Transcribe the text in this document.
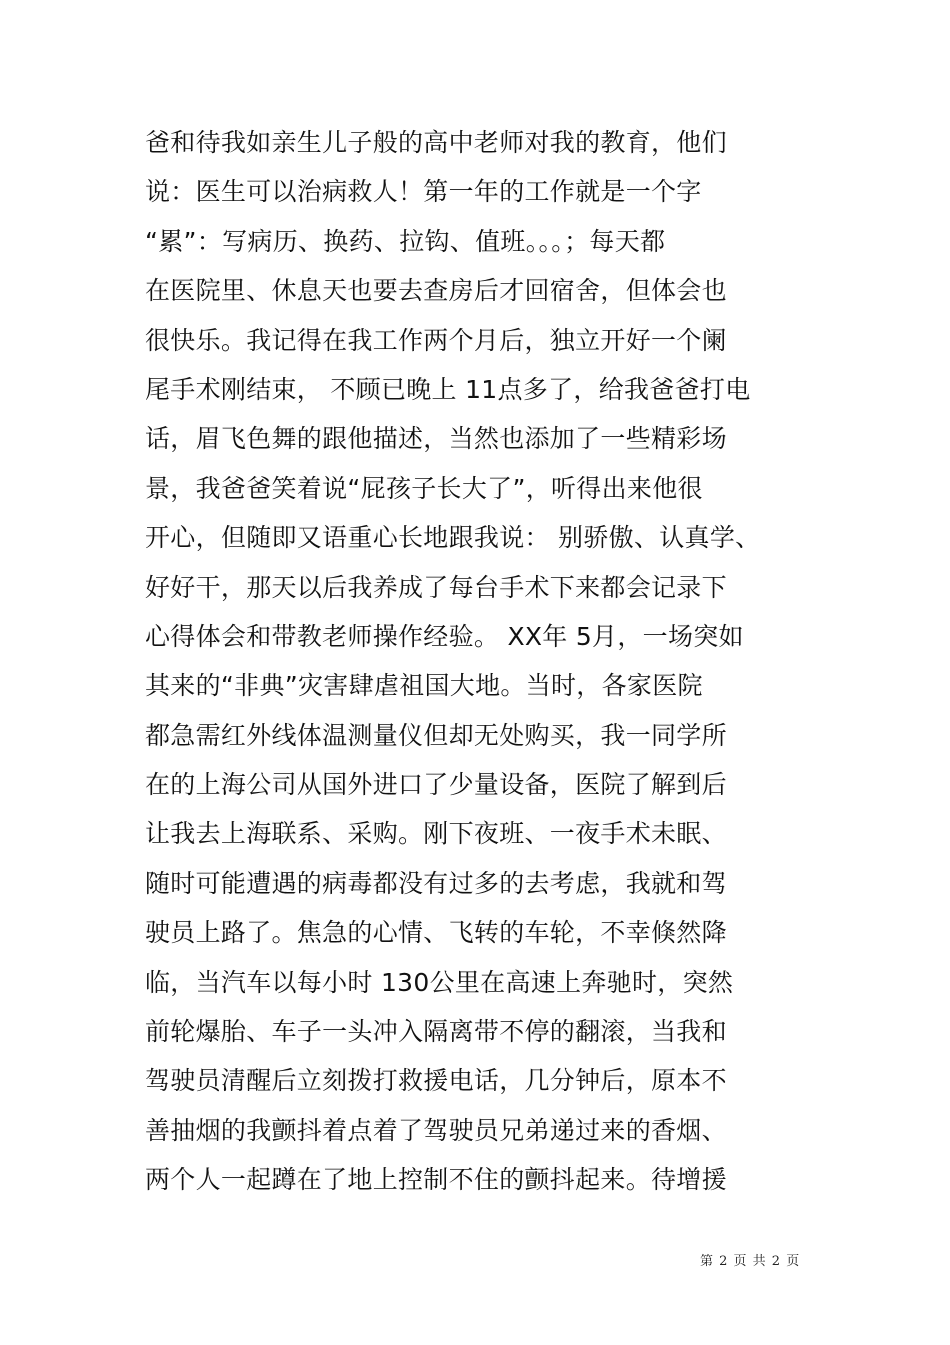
爸和待我如亲生儿子般的高中老师对我的教育，他们
说：医生可以治病救人！第一年的工作就是一个字
“累”：写病历、换药、拉钩、值班。。。；每天都
在医院里、休息天也要去查房后才回宿舍，但体会也
很快乐。我记得在我工作两个月后，独立开好一个阑
尾手术刚结束， 不顾已晚上 11点多了，给我爸爸打电
话，眉飞色舞的跟他描述，当然也添加了一些精彩场
景，我爸爸笑着说“屁孩子长大了”，听得出来他很
开心，但随即又语重心长地跟我说： 别骄傲、认真学、
好好干，那天以后我养成了每台手术下来都会记录下
心得体会和带教老师操作经验。 XX年 5月，一场突如
其来的“非典”灾害肆虐祖国大地。当时，各家医院
都急需红外线体温测量仪但却无处购买，我一同学所
在的上海公司从国外进口了少量设备，医院了解到后
让我去上海联系、采购。刚下夜班、一夜手术未眠、
随时可能遭遇的病毒都没有过多的去考虑，我就和驾
驶员上路了。焦急的心情、飞转的车轮，不幸倏然降
临，当汽车以每小时 130公里在高速上奔驰时，突然
前轮爆胎、车子一头冲入隔离带不停的翻滚，当我和
驾驶员清醒后立刻拨打救援电话，几分钟后，原本不
善抽烟的我颤抖着点着了驾驶员兄弟递过来的香烟、
两个人一起蹲在了地上控制不住的颤抖起来。待增援
第 2 页 共 2 页
